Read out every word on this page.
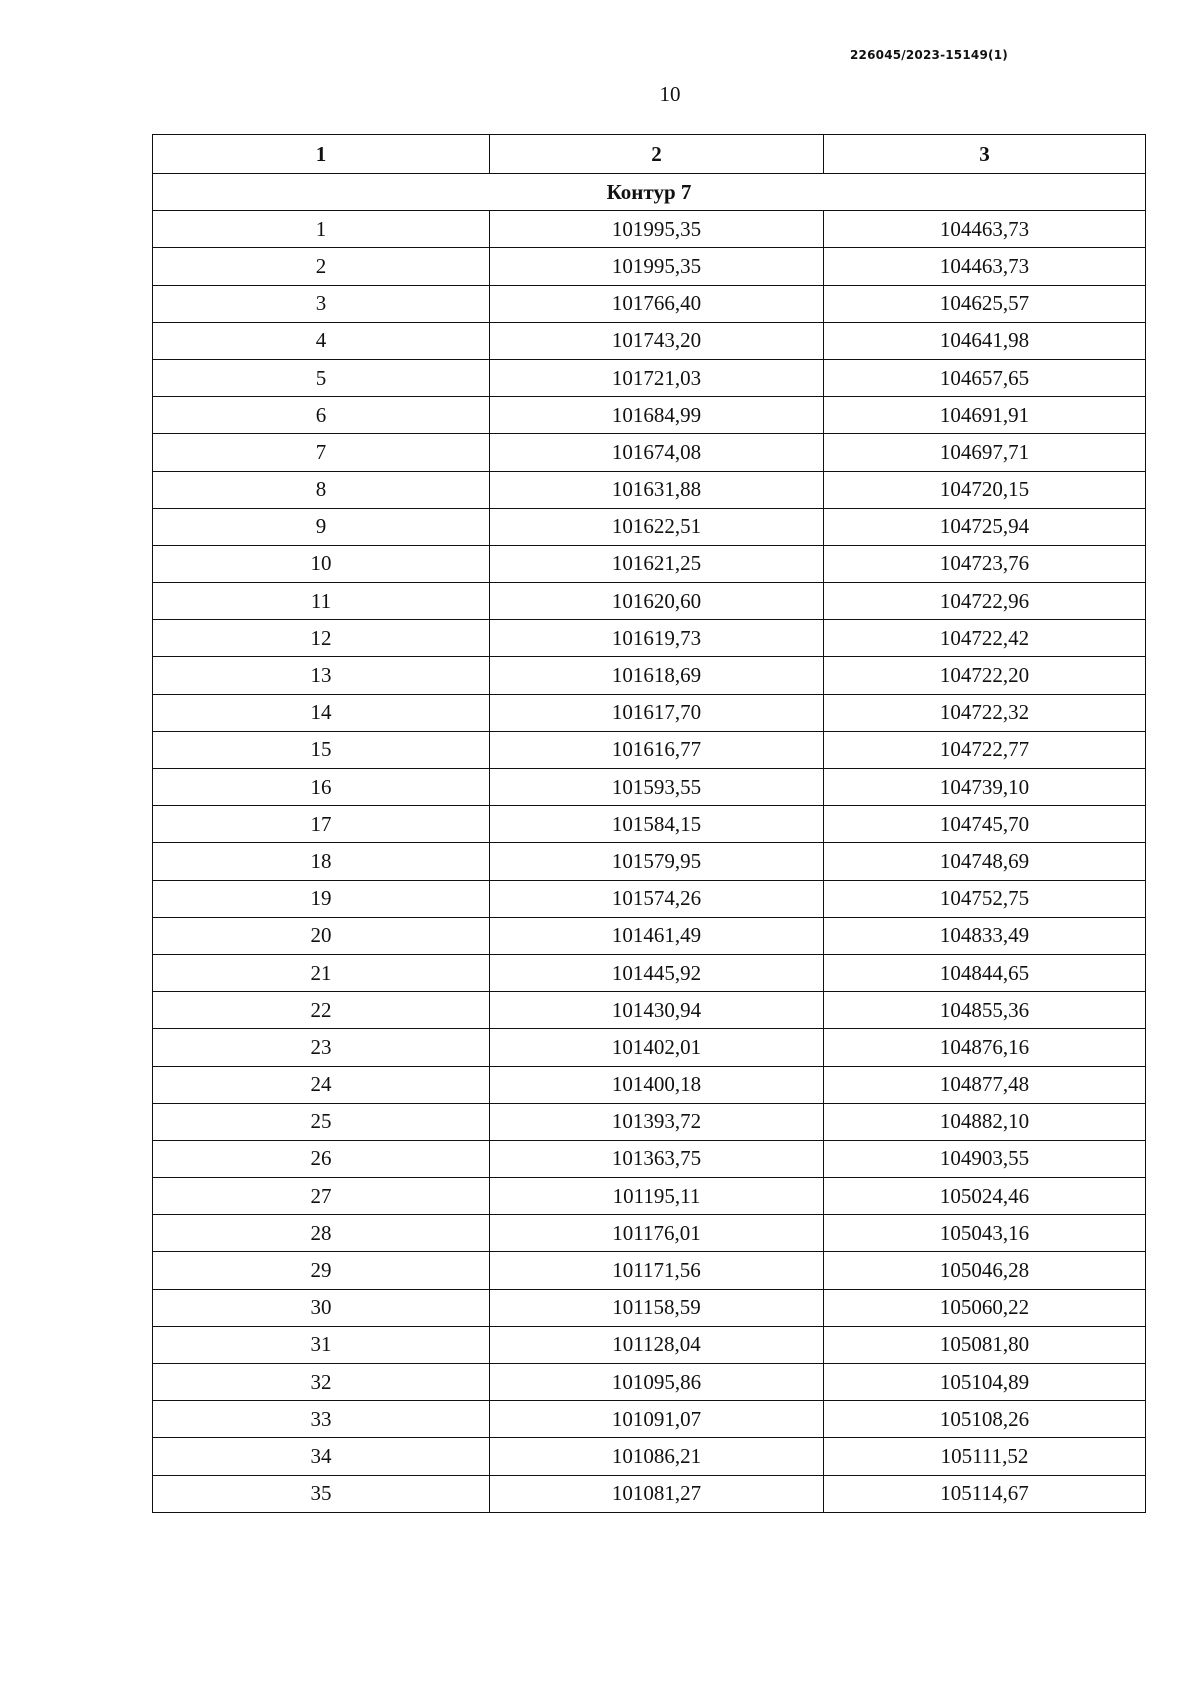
226045/2023-15149(1)
10
1	2	3
Контур 7		
1	101995,35	104463,73
2	101995,35	104463,73
3	101766,40	104625,57
4	101743,20	104641,98
5	101721,03	104657,65
6	101684,99	104691,91
7	101674,08	104697,71
8	101631,88	104720,15
9	101622,51	104725,94
10	101621,25	104723,76
11	101620,60	104722,96
12	101619,73	104722,42
13	101618,69	104722,20
14	101617,70	104722,32
15	101616,77	104722,77
16	101593,55	104739,10
17	101584,15	104745,70
18	101579,95	104748,69
19	101574,26	104752,75
20	101461,49	104833,49
21	101445,92	104844,65
22	101430,94	104855,36
23	101402,01	104876,16
24	101400,18	104877,48
25	101393,72	104882,10
26	101363,75	104903,55
27	101195,11	105024,46
28	101176,01	105043,16
29	101171,56	105046,28
30	101158,59	105060,22
31	101128,04	105081,80
32	101095,86	105104,89
33	101091,07	105108,26
34	101086,21	105111,52
35	101081,27	105114,67
